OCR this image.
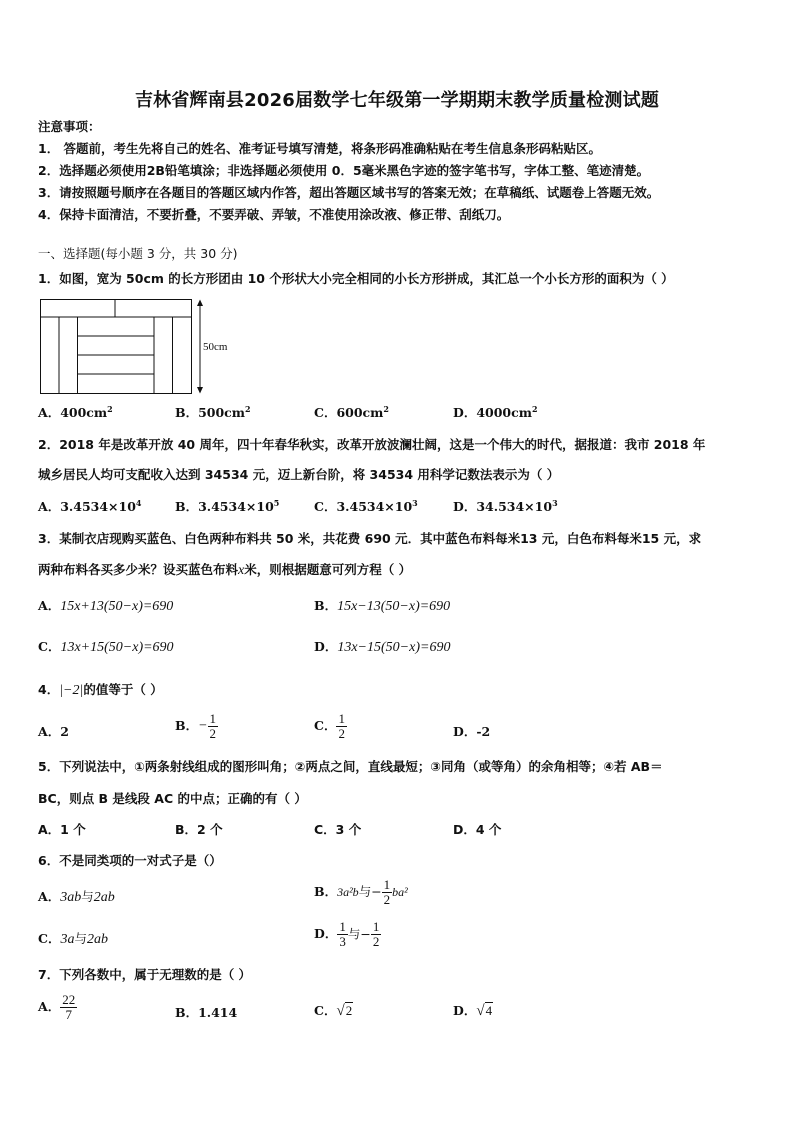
吉林省辉南县2026届数学七年级第一学期期末教学质量检测试题
注意事项：
1． 答题前，考生先将自己的姓名、准考证号填写清楚，将条形码准确粘贴在考生信息条形码粘贴区。
2．选择题必须使用2B铅笔填涂；非选择题必须使用 0．5毫米黑色字迹的签字笔书写，字体工整、笔迹清楚。
3．请按照题号顺序在各题目的答题区域内作答，超出答题区域书写的答案无效；在草稿纸、试题卷上答题无效。
4．保持卡面清洁，不要折叠，不要弄破、弄皱，不准使用涂改液、修正带、刮纸刀。
一、选择题(每小题 3 分，共 30 分)
1．如图，宽为 50cm 的长方形团由 10 个形状大小完全相同的小长方形拼成，其汇总一个小长方形的面积为（ ）
50cm
A．$400cm^2$	B．$500cm^2$	C．$600cm^2$	D．$4000cm^2$
2．2018 年是改革开放 40 周年，四十年春华秋实，改革开放波澜壮阔，这是一个伟大的时代，据报道：我市 2018 年
城乡居民人均可支配收入达到 34534 元，迈上新台阶，将 34534 用科学记数法表示为（ ）
A．$3.4534\times 10^4$	B．$3.4534\times 10^5$	C．$3.4534\times 10^3$	D．$34.534\times 10^3$
3．某制衣店现购买蓝色、白色两种布料共 50 米，共花费 690 元．其中蓝色布料每米13 元，白色布料每米15 元，求
两种布料各买多少米？设买蓝色布料x米，则根据题意可列方程（ ）
A．15x+13(50−x)=690	B．15x−13(50−x)=690
C．13x+15(50−x)=690	D．13x−15(50−x)=690
4．|−2|的值等于（ ）
A．2	B．− $\frac{1}{2}$	C． $\frac{1}{2}$	D．-2
5．下列说法中，①两条射线组成的图形叫角；②两点之间，直线最短；③同角（或等角）的余角相等；④若 AB＝
BC，则点 B 是线段 AC 的中点；正确的有（ ）
A．1 个	B．2 个	C．3 个	D．4 个
6．不是同类项的一对式子是（）
A．3ab与2ab	B．3a²b与− $\frac{1}{2} ba^2$
C．3a与2ab	D． $\frac{1}{3}$ 与− $\frac{1}{2}$
7．下列各数中，属于无理数的是（ ）
A． $\frac{22}{7}$	B．1.414	C．√2	D．√4
